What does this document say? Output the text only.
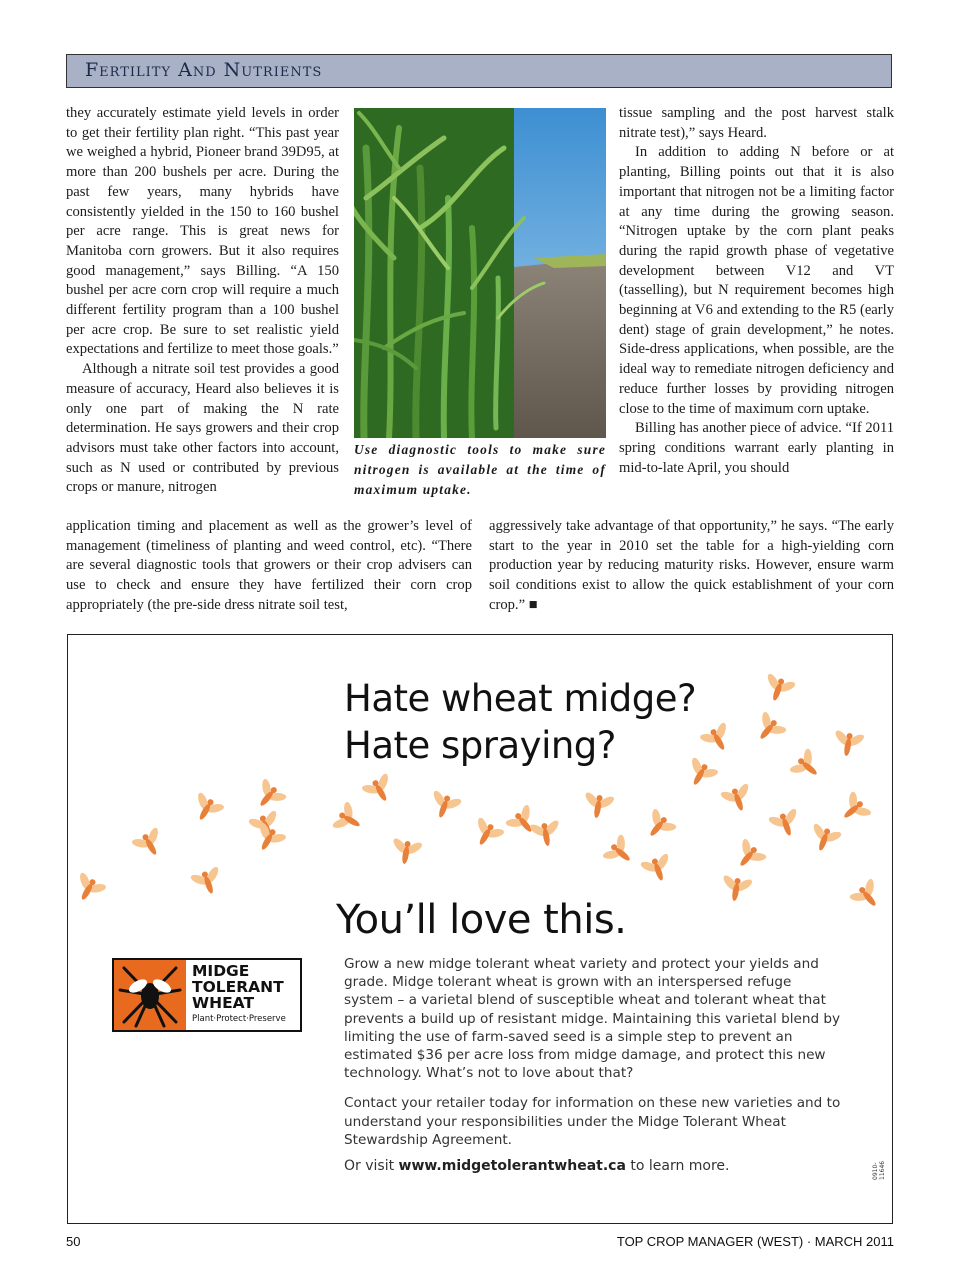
Fertility And Nutrients

they accurately estimate yield levels in order to get their fertility plan right. “This past year we weighed a hybrid, Pioneer brand 39D95, at more than 200 bushels per acre. During the past few years, many hybrids have consistently yielded in the 150 to 160 bushel per acre range. This is great news for Manitoba corn growers. But it also requires good management,” says Billing. “A 150 bushel per acre corn crop will require a much different fertility program than a 100 bushel per acre crop. Be sure to set realistic yield expectations and fertilize to meet those goals.”

Although a nitrate soil test provides a good measure of accuracy, Heard also believes it is only one part of making the N rate determination. He says growers and their crop advisors must take other factors into account, such as N used or contributed by previous crops or manure, nitrogen

Use diagnostic tools to make sure nitrogen is available at the time of maximum uptake.

tissue sampling and the post harvest stalk nitrate test),” says Heard.

In addition to adding N before or at planting, Billing points out that it is also important that nitrogen not be a limiting factor at any time during the growing season. “Nitrogen uptake by the corn plant peaks during the rapid growth phase of vegetative development between V12 and VT (tasselling), but N requirement becomes high beginning at V6 and extending to the R5 (early dent) stage of grain development,” he notes. Side-dress applications, when possible, are the ideal way to remediate nitrogen deficiency and reduce further losses by providing nitrogen close to the time of maximum corn uptake.

Billing has another piece of advice. “If 2011 spring conditions warrant early planting in mid-to-late April, you should

application timing and placement as well as the grower’s level of management (timeliness of planting and weed control, etc). “There are several diagnostic tools that growers or their crop advisers can use to check and ensure they have fertilized their corn crop appropriately (the pre-side dress nitrate soil test,
aggressively take advantage of that opportunity,” he says. “The early start to the year in 2010 set the table for a high-yielding corn production year by reducing maturity risks. However, ensure warm soil conditions exist to allow the quick establishment of your corn crop.” ■
Hate wheat midge?
Hate spraying?
You’ll love this.
MIDGE
TOLERANT
WHEAT
Plant·Protect·Preserve

Grow a new midge tolerant wheat variety and protect your yields and grade. Midge tolerant wheat is grown with an interspersed refuge system – a varietal blend of susceptible wheat and tolerant wheat that prevents a build up of resistant midge. Maintaining this varietal blend by limiting the use of farm-saved seed is a simple step to prevent an estimated $36 per acre loss from midge damage, and protect this new technology. What’s not to love about that?

Contact your retailer today for information on these new varieties and to understand your responsibilities under the Midge Tolerant Wheat Stewardship Agreement.

Or visit www.midgetolerantwheat.ca to learn more.	0910-11646
50	TOP CROP MANAGER (WEST) · MARCH 2011
